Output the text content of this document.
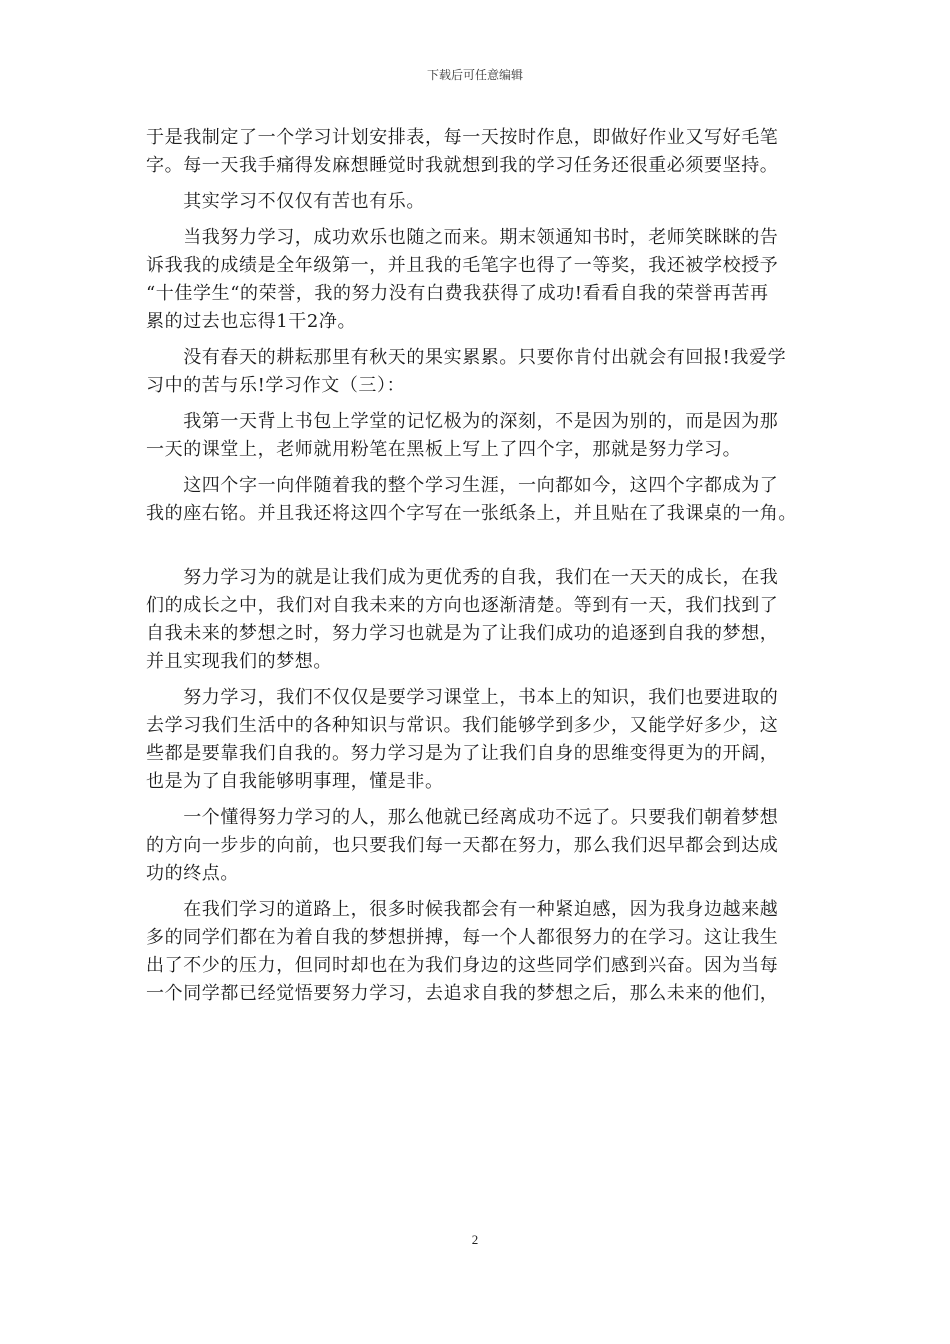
下载后可任意编辑
于是我制定了一个学习计划安排表，每一天按时作息，即做好作业又写好毛笔
字。每一天我手痛得发麻想睡觉时我就想到我的学习任务还很重必须要坚持。
　　其实学习不仅仅有苦也有乐。
　　当我努力学习，成功欢乐也随之而来。期末领通知书时，老师笑眯眯的告
诉我我的成绩是全年级第一，并且我的毛笔字也得了一等奖，我还被学校授予
“十佳学生“的荣誉，我的努力没有白费我获得了成功!看看自我的荣誉再苦再
累的过去也忘得1干2净。
　　没有春天的耕耘那里有秋天的果实累累。只要你肯付出就会有回报!我爱学
习中的苦与乐!学习作文（三）：
　　我第一天背上书包上学堂的记忆极为的深刻，不是因为别的，而是因为那
一天的课堂上，老师就用粉笔在黑板上写上了四个字，那就是努力学习。
　　这四个字一向伴随着我的整个学习生涯，一向都如今，这四个字都成为了
我的座右铭。并且我还将这四个字写在一张纸条上，并且贴在了我课桌的一角。
　　努力学习为的就是让我们成为更优秀的自我，我们在一天天的成长，在我
们的成长之中，我们对自我未来的方向也逐渐清楚。等到有一天，我们找到了
自我未来的梦想之时，努力学习也就是为了让我们成功的追逐到自我的梦想，
并且实现我们的梦想。
　　努力学习，我们不仅仅是要学习课堂上，书本上的知识，我们也要进取的
去学习我们生活中的各种知识与常识。我们能够学到多少，又能学好多少，这
些都是要靠我们自我的。努力学习是为了让我们自身的思维变得更为的开阔，
也是为了自我能够明事理，懂是非。
　　一个懂得努力学习的人，那么他就已经离成功不远了。只要我们朝着梦想
的方向一步步的向前，也只要我们每一天都在努力，那么我们迟早都会到达成
功的终点。
　　在我们学习的道路上，很多时候我都会有一种紧迫感，因为我身边越来越
多的同学们都在为着自我的梦想拼搏，每一个人都很努力的在学习。这让我生
出了不少的压力，但同时却也在为我们身边的这些同学们感到兴奋。因为当每
一个同学都已经觉悟要努力学习，去追求自我的梦想之后，那么未来的他们，
2
